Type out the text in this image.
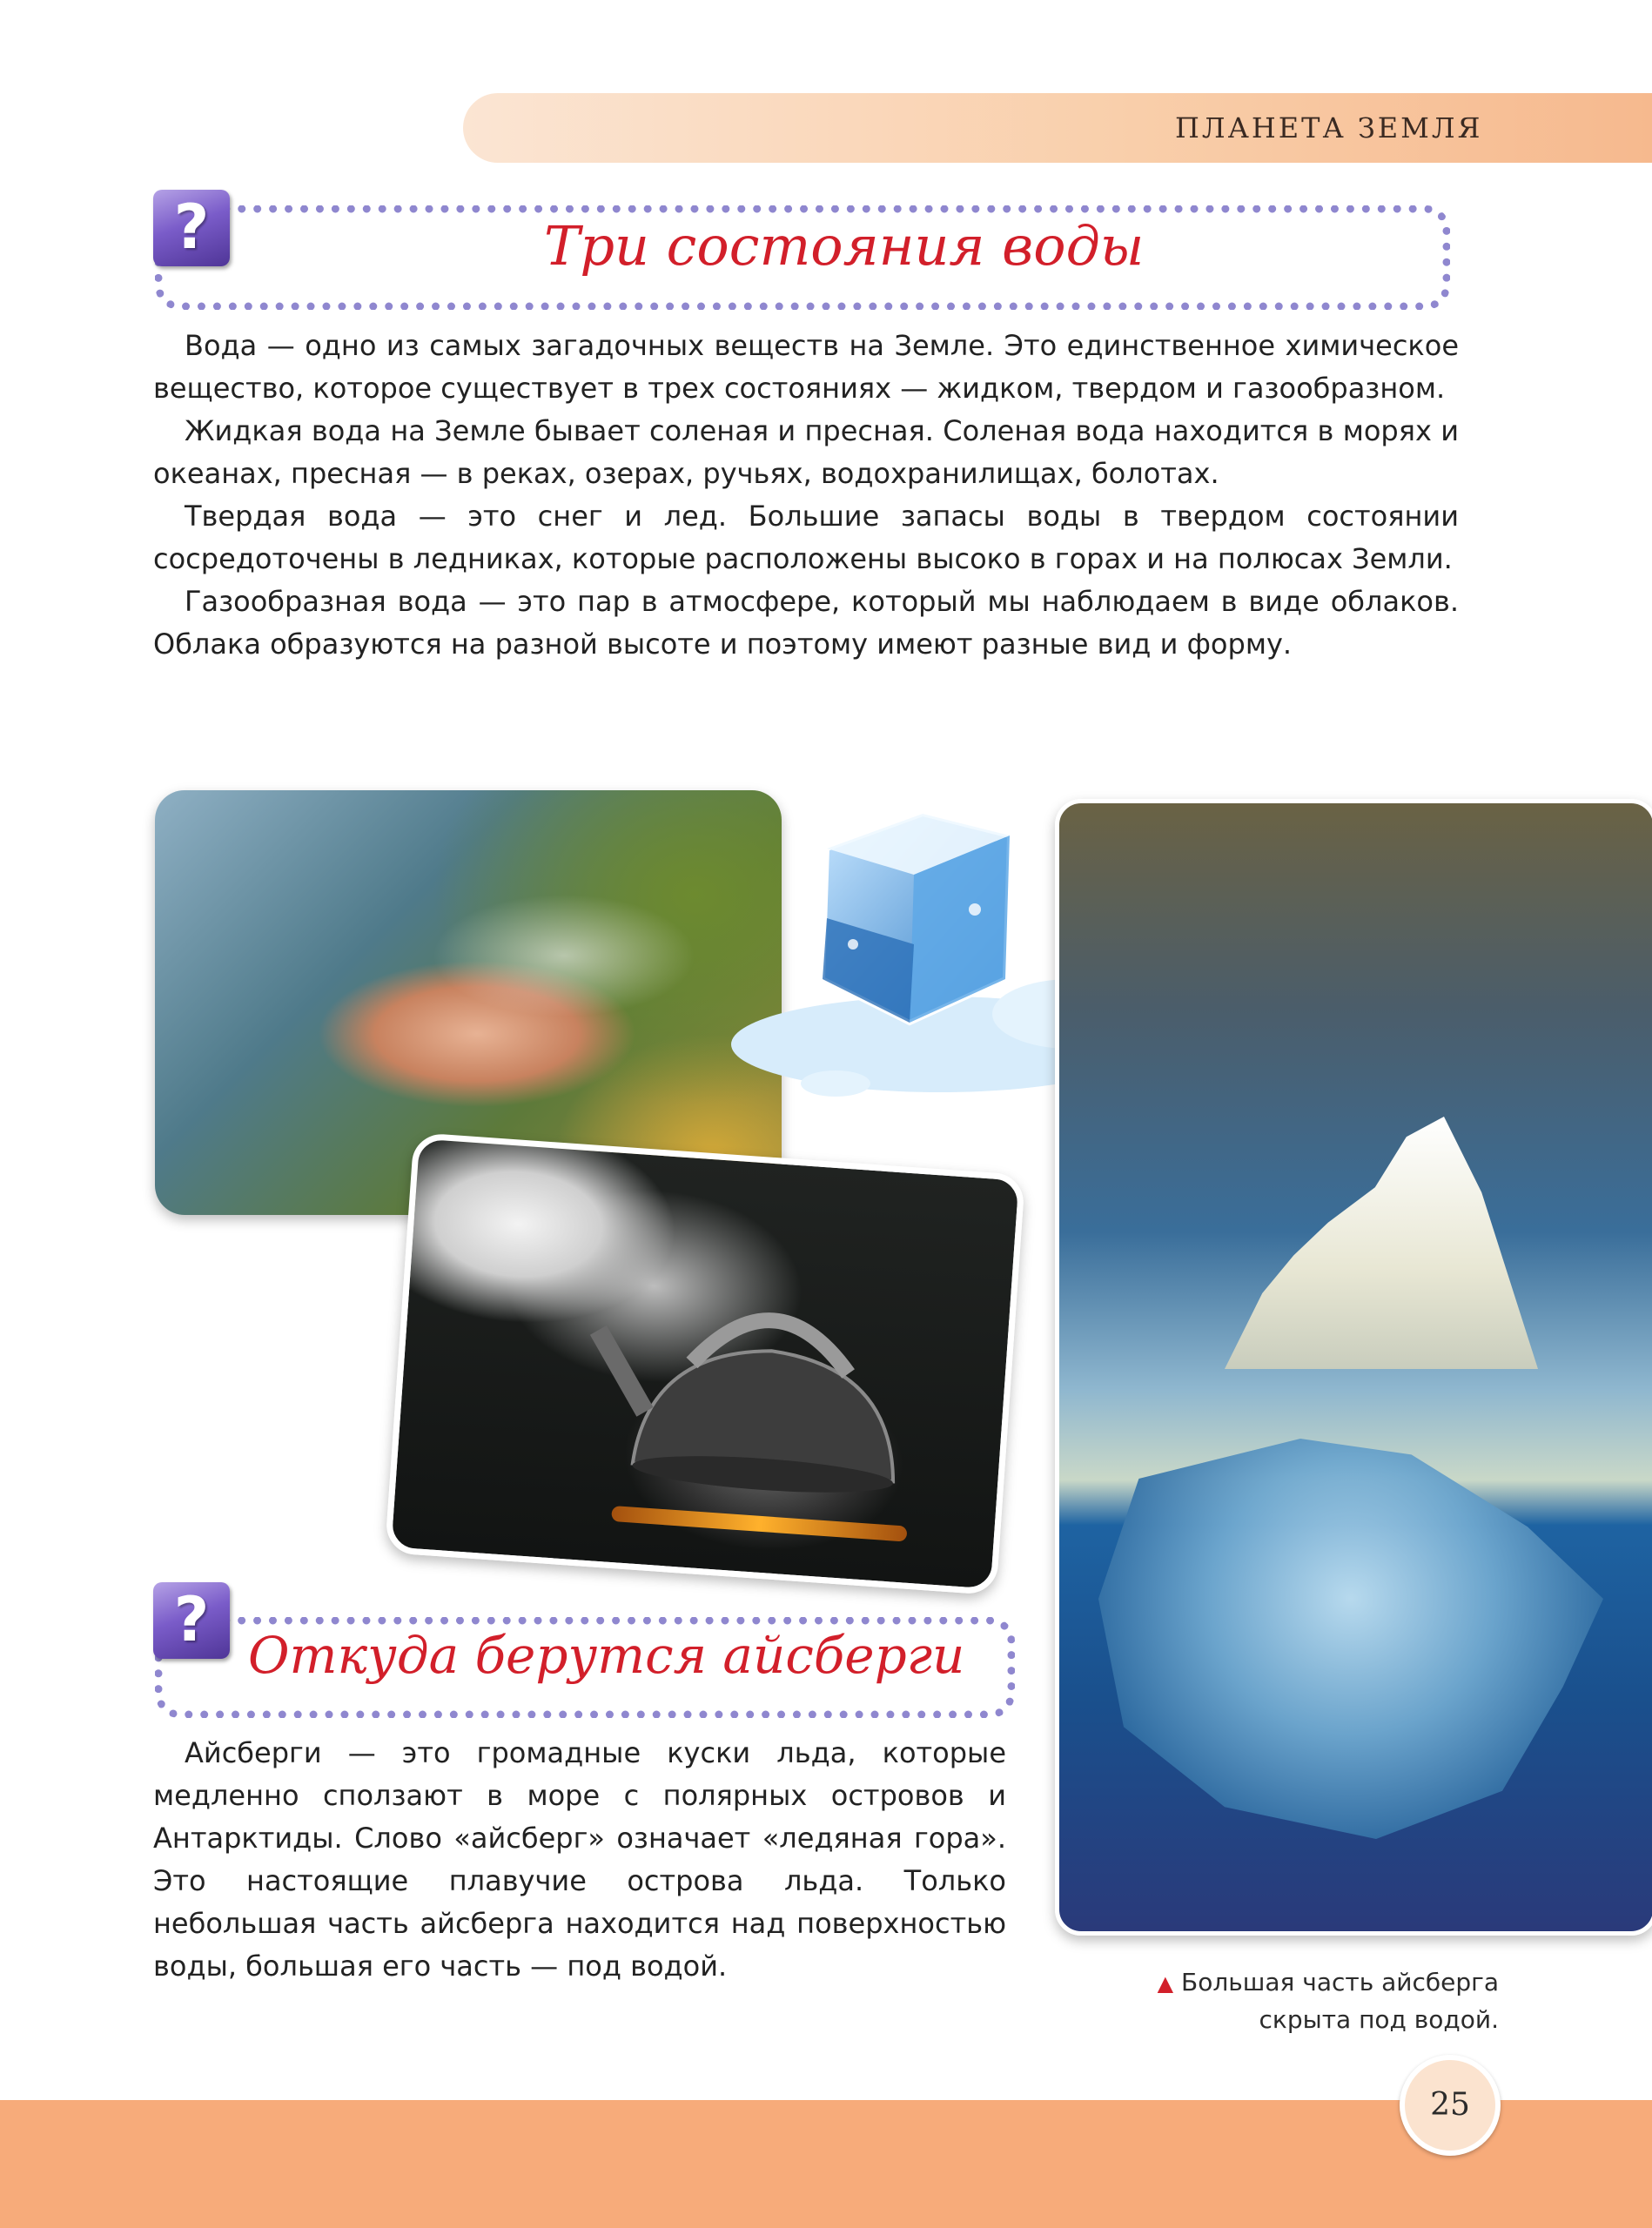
ПЛАНЕТА ЗЕМЛЯ
?	Три состояния воды

Вода — одно из самых загадочных веществ на Земле. Это единственное химическое вещество, которое существует в трех состояниях — жидком, твердом и газообразном.

Жидкая вода на Земле бывает соленая и пресная. Соленая вода находится в морях и океанах, пресная — в реках, озерах, ручьях, водохранилищах, болотах.

Твердая вода — это снег и лед. Большие запасы воды в твердом состоянии сосредоточены в ледниках, которые расположены высоко в горах и на полюсах Земли.

Газообразная вода — это пар в атмосфере, который мы наблюдаем в виде облаков. Облака образуются на разной высоте и поэтому имеют разные вид и форму.

? Откуда берутся айсберги

Айсберги — это громадные куски льда, которые медленно сползают в море с полярных островов и Антарктиды. Слово «айсберг» означает «ледяная гора». Это настоящие плавучие острова льда. Только небольшая часть айсберга находится над поверхностью воды, большая его часть — под водой.

▲ Большая часть айсберга
скрыта под водой.
25
